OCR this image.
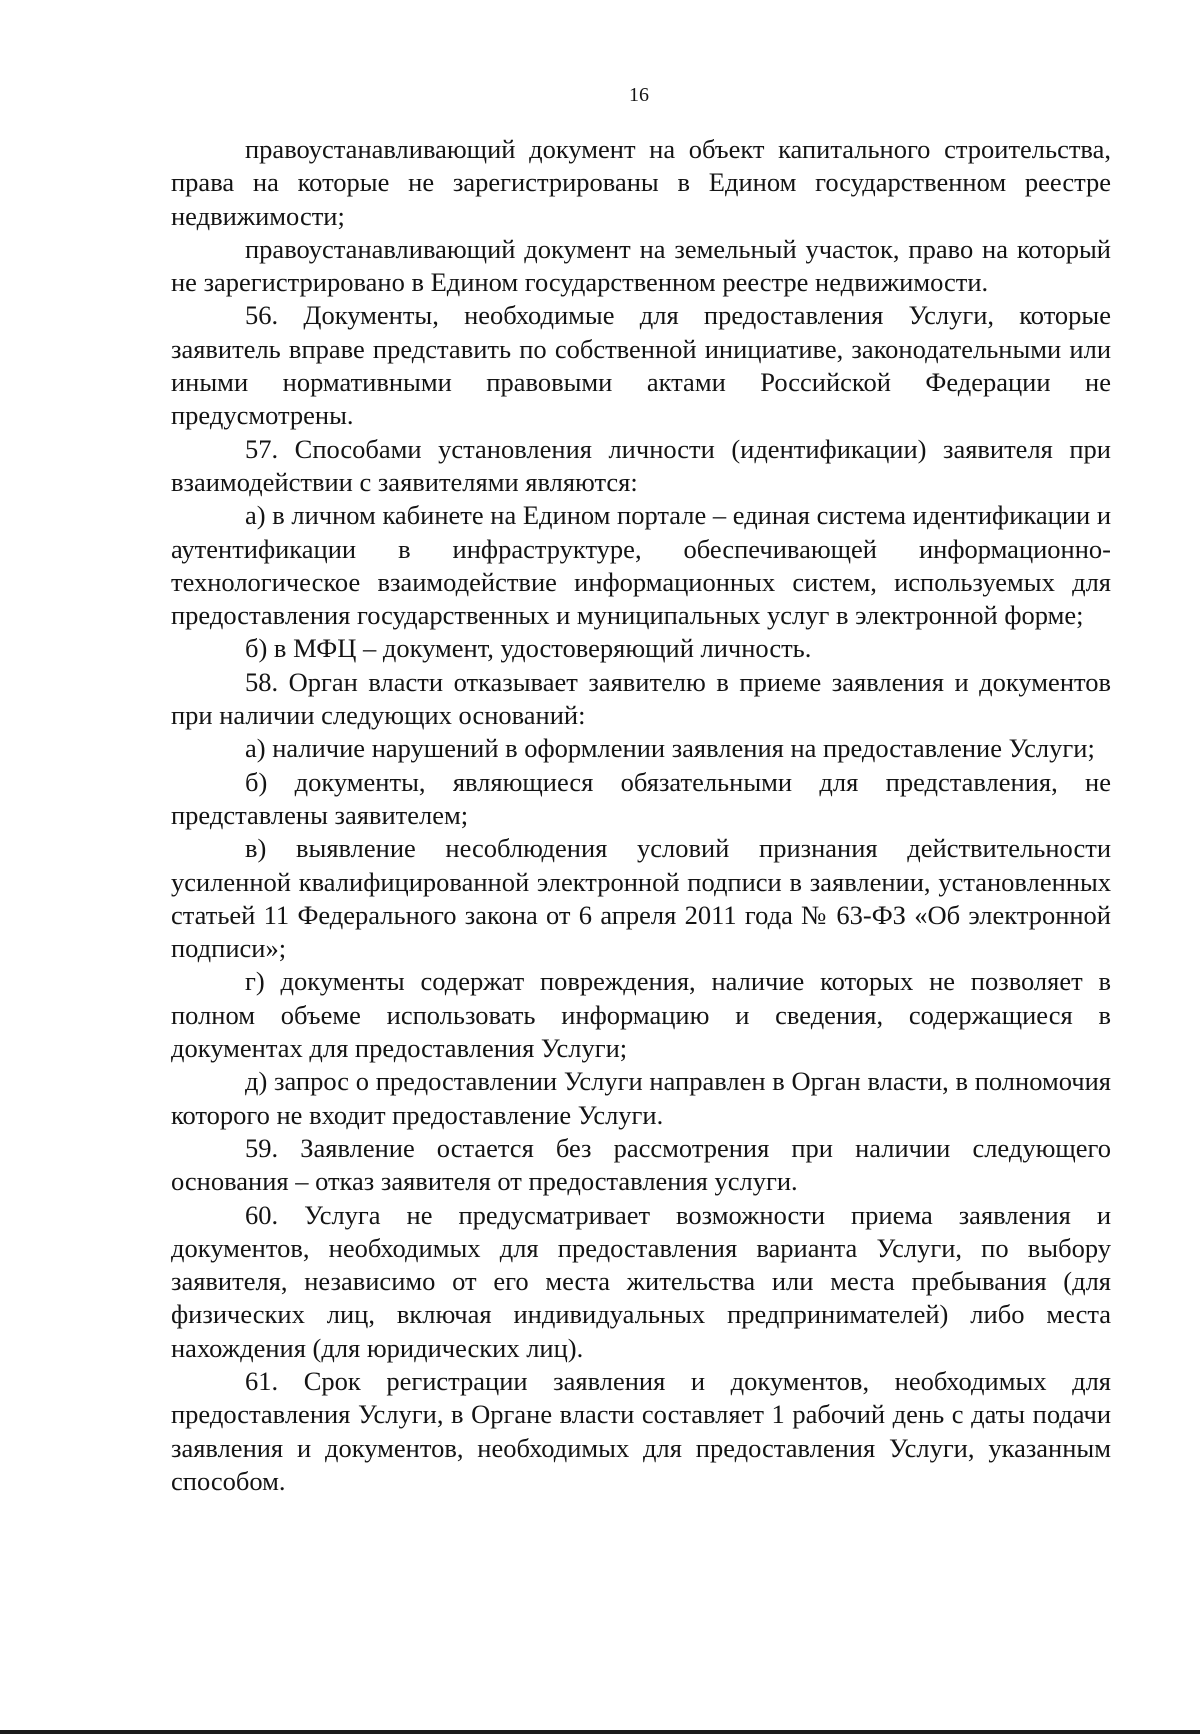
16

правоустанавливающий документ на объект капитального строительства, права на которые не зарегистрированы в Едином государственном реестре недвижимости;

правоустанавливающий документ на земельный участок, право на который не зарегистрировано в Едином государственном реестре недвижимости.

56. Документы, необходимые для предоставления Услуги, которые заявитель вправе представить по собственной инициативе, законодательными или иными нормативными правовыми актами Российской Федерации не предусмотрены.

57. Способами установления личности (идентификации) заявителя при взаимодействии с заявителями являются:

а) в личном кабинете на Едином портале – единая система идентификации и аутентификации в инфраструктуре, обеспечивающей информационно-технологическое взаимодействие информационных систем, используемых для предоставления государственных и муниципальных услуг в электронной форме;

б) в МФЦ – документ, удостоверяющий личность.

58. Орган власти отказывает заявителю в приеме заявления и документов при наличии следующих оснований:

а) наличие нарушений в оформлении заявления на предоставление Услуги;

б) документы, являющиеся обязательными для представления, не представлены заявителем;

в) выявление несоблюдения условий признания действительности усиленной квалифицированной электронной подписи в заявлении, установленных статьей 11 Федерального закона от 6 апреля 2011 года № 63-ФЗ «Об электронной подписи»;

г) документы содержат повреждения, наличие которых не позволяет в полном объеме использовать информацию и сведения, содержащиеся в документах для предоставления Услуги;

д) запрос о предоставлении Услуги направлен в Орган власти, в полномочия которого не входит предоставление Услуги.

59. Заявление остается без рассмотрения при наличии следующего основания – отказ заявителя от предоставления услуги.

60. Услуга не предусматривает возможности приема заявления и документов, необходимых для предоставления варианта Услуги, по выбору заявителя, независимо от его места жительства или места пребывания (для физических лиц, включая индивидуальных предпринимателей) либо места нахождения (для юридических лиц).

61. Срок регистрации заявления и документов, необходимых для предоставления Услуги, в Органе власти составляет 1 рабочий день с даты подачи заявления и документов, необходимых для предоставления Услуги, указанным способом.
